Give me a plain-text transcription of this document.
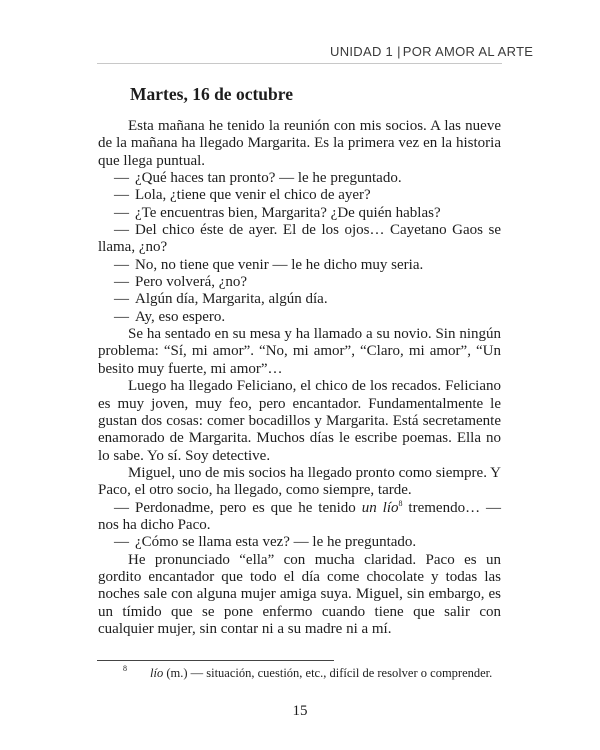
UNIDAD 1 | POR AMOR AL ARTE
Martes, 16 de octubre

Esta mañana he tenido la reunión con mis socios. A las nueve de la mañana ha llegado Margarita. Es la primera vez en la historia que llega puntual.

— ¿Qué haces tan pronto? — le he preguntado.

— Lola, ¿tiene que venir el chico de ayer?

— ¿Te encuentras bien, Margarita? ¿De quién hablas?

— Del chico éste de ayer. El de los ojos… Cayetano Gaos se llama, ¿no?

— No, no tiene que venir — le he dicho muy seria.

— Pero volverá, ¿no?

— Algún día, Margarita, algún día.

— Ay, eso espero.

Se ha sentado en su mesa y ha llamado a su novio. Sin ningún problema: “Sí, mi amor”. “No, mi amor”, “Claro, mi amor”, “Un besito muy fuerte, mi amor”…

Luego ha llegado Feliciano, el chico de los recados. Feliciano es muy joven, muy feo, pero encantador. Fundamentalmente le gustan dos cosas: comer bocadillos y Margarita. Está secretamente enamorado de Margarita. Muchos días le escribe poemas. Ella no lo sabe. Yo sí. Soy detective.

Miguel, uno de mis socios ha llegado pronto como siempre. Y Paco, el otro socio, ha llegado, como siempre, tarde.

— Perdonadme, pero es que he tenido un lío$^8$ tremendo… — nos ha dicho Paco.

— ¿Cómo se llama esta vez? — le he preguntado.

He pronunciado “ella” con mucha claridad. Paco es un gordito encantador que todo el día come chocolate y todas las noches sale con alguna mujer amiga suya. Miguel, sin embargo, es un tímido que se pone enfermo cuando tiene que salir con cualquier mujer, sin contar ni a su madre ni a mí.

8 lío (m.) — situación, cuestión, etc., difícil de resolver o comprender.
15
